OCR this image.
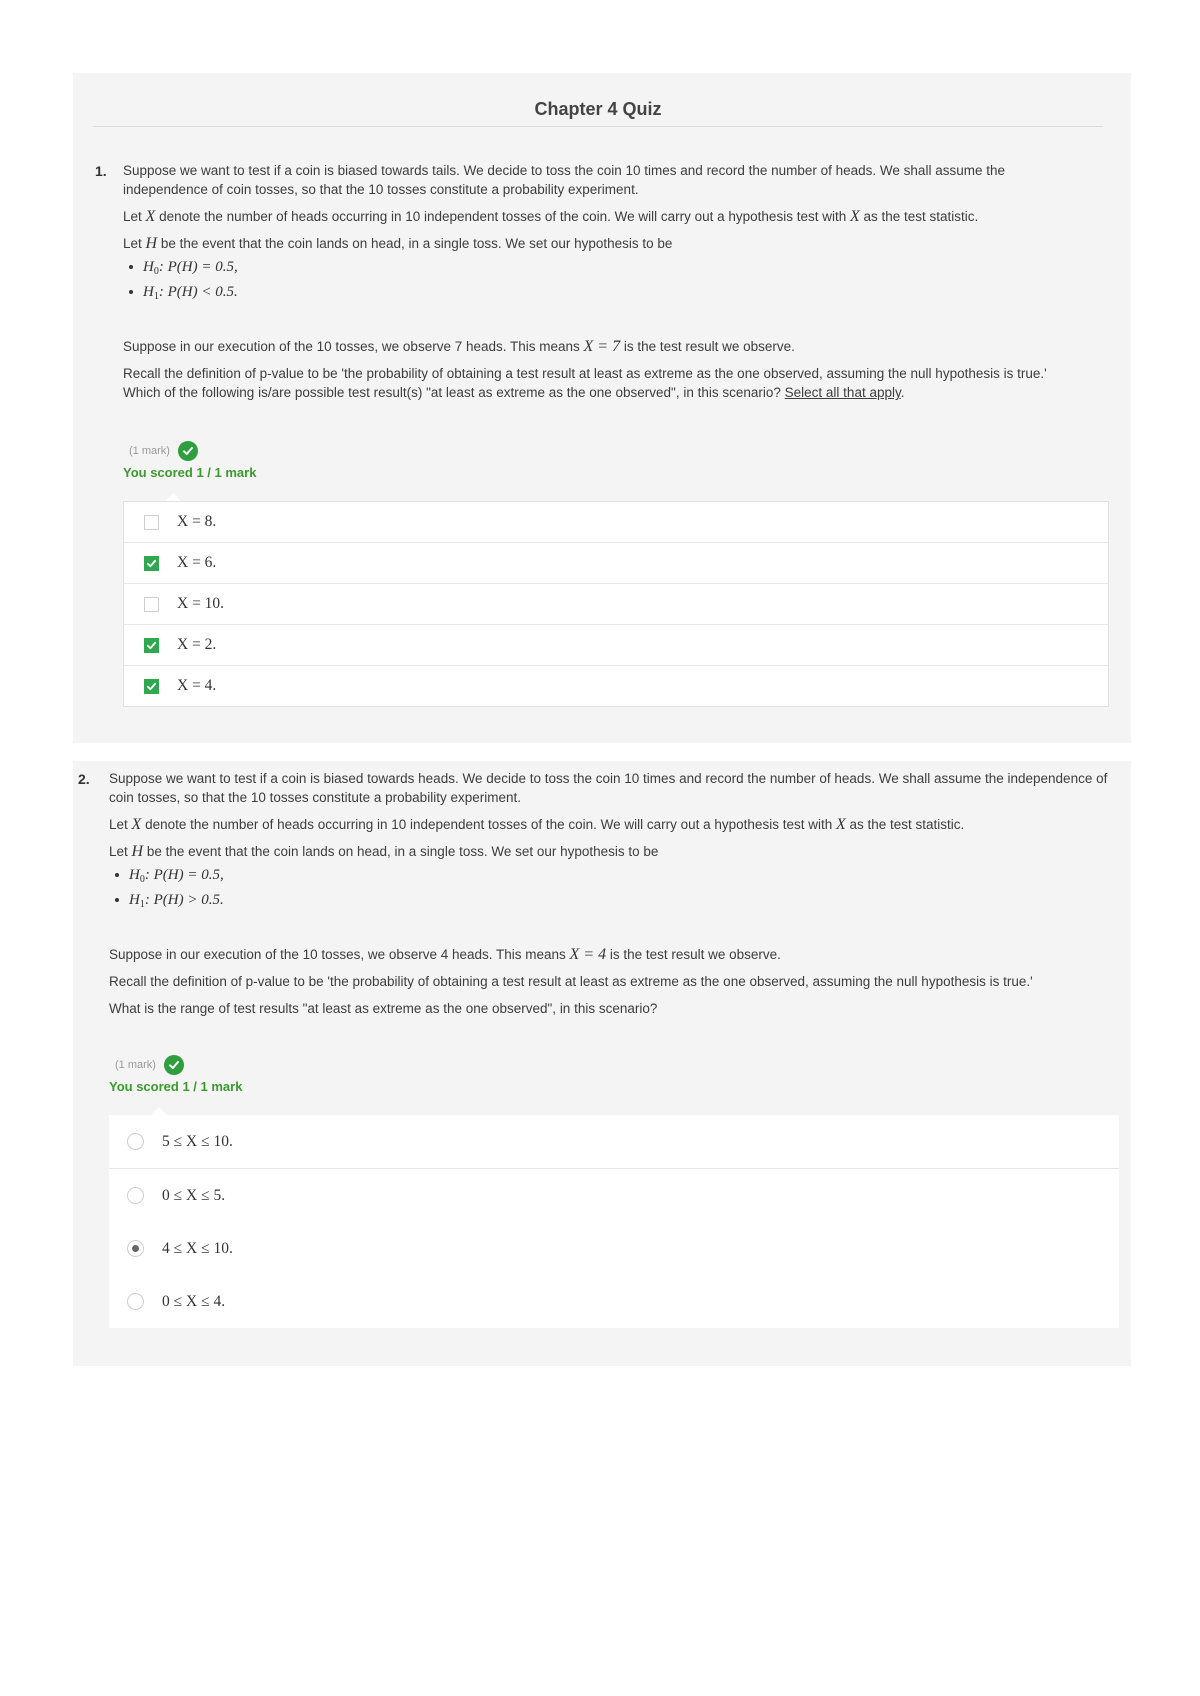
Chapter 4 Quiz
1. Suppose we want to test if a coin is biased towards tails. We decide to toss the coin 10 times and record the number of heads. We shall assume the independence of coin tosses, so that the 10 tosses constitute a probability experiment.

Let X denote the number of heads occurring in 10 independent tosses of the coin. We will carry out a hypothesis test with X as the test statistic.

Let H be the event that the coin lands on head, in a single toss. We set our hypothesis to be

$H_0$: P(H) = 0.5,
$H_1$: P(H) < 0.5.

Suppose in our execution of the 10 tosses, we observe 7 heads. This means X = 7 is the test result we observe.

Recall the definition of p-value to be 'the probability of obtaining a test result at least as extreme as the one observed, assuming the null hypothesis is true.'

Which of the following is/are possible test result(s) "at least as extreme as the one observed", in this scenario? Select all that apply.

(1 mark)
You scored 1 / 1 mark
X = 8.
X = 6.
X = 10.
X = 2.
X = 4.
2. Suppose we want to test if a coin is biased towards heads. We decide to toss the coin 10 times and record the number of heads. We shall assume the independence of coin tosses, so that the 10 tosses constitute a probability experiment.

Let X denote the number of heads occurring in 10 independent tosses of the coin. We will carry out a hypothesis test with X as the test statistic.

Let H be the event that the coin lands on head, in a single toss. We set our hypothesis to be

$H_0$: P(H) = 0.5,
$H_1$: P(H) > 0.5.

Suppose in our execution of the 10 tosses, we observe 4 heads. This means X = 4 is the test result we observe.

Recall the definition of p-value to be 'the probability of obtaining a test result at least as extreme as the one observed, assuming the null hypothesis is true.'

What is the range of test results "at least as extreme as the one observed", in this scenario?

(1 mark)
You scored 1 / 1 mark
5 ≤ X ≤ 10.
0 ≤ X ≤ 5.
4 ≤ X ≤ 10.
0 ≤ X ≤ 4.
